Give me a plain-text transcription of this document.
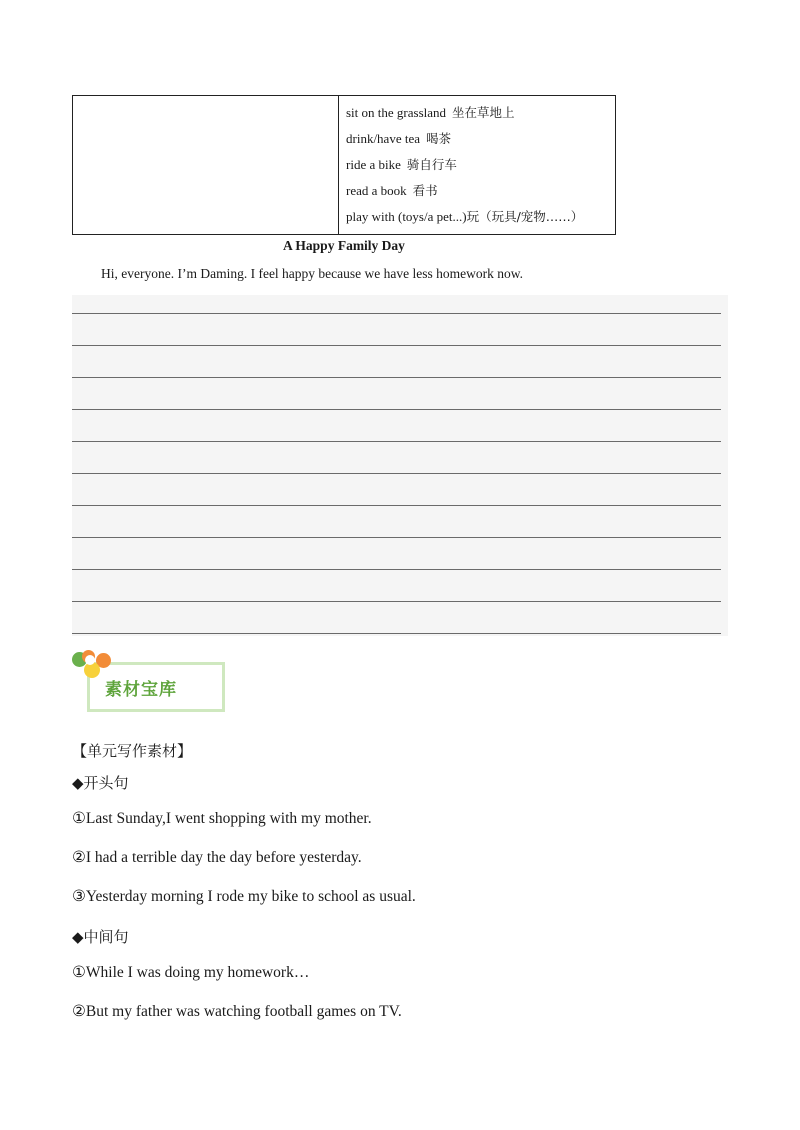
sit on the grassland 坐在草地上
drink/have tea 喝茶
ride a bike 骑自行车
read a book 看书
play with (toys/a pet...)玩（玩具/宠物……）
A Happy Family Day
Hi, everyone. I’m Daming. I feel happy because we have less homework now.
素材宝库
【单元写作素材】
◆开头句
①Last Sunday,I went shopping with my mother.
②I had a terrible day the day before yesterday.
③Yesterday morning I rode my bike to school as usual.
◆中间句
①While I was doing my homework…
②But my father was watching football games on TV.
